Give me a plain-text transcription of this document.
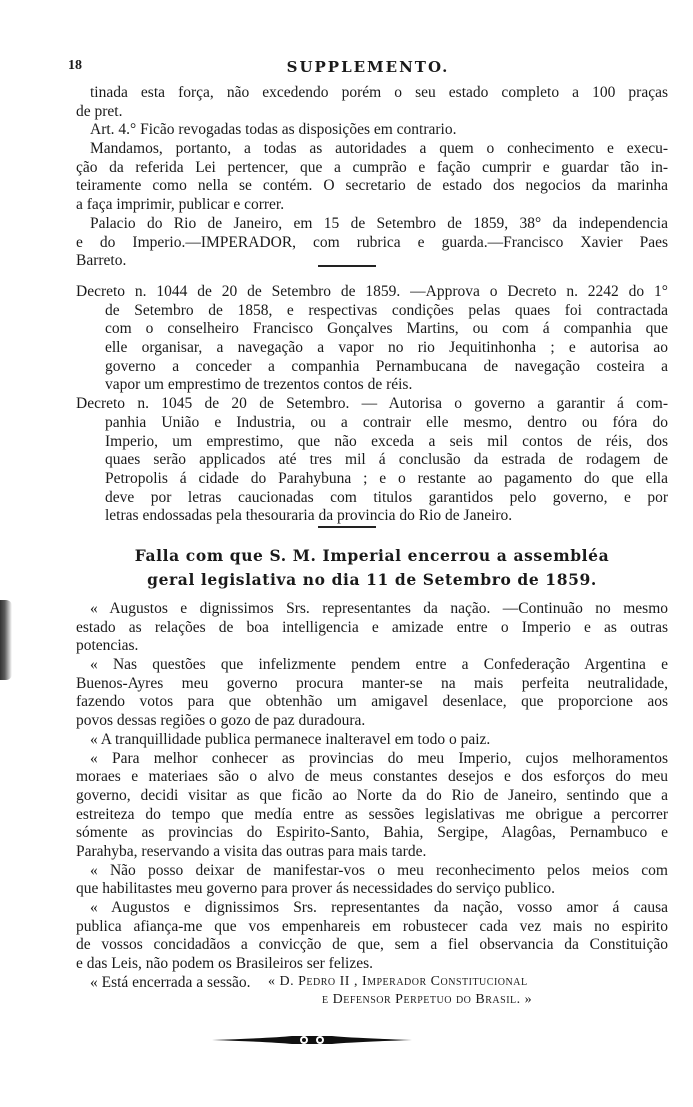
18	SUPPLEMENTO.
tinada esta força, não excedendo porém o seu estado completo a 100 praças
de pret.
Art. 4.° Ficão revogadas todas as disposições em contrario.
Mandamos, portanto, a todas as autoridades a quem o conhecimento e execu-
ção da referida Lei pertencer, que a cumprão e fação cumprir e guardar tão in-
teiramente como nella se contém. O secretario de estado dos negocios da marinha
a faça imprimir, publicar e correr.
Palacio do Rio de Janeiro, em 15 de Setembro de 1859, 38° da independencia
e do Imperio.—IMPERADOR, com rubrica e guarda.—Francisco Xavier Paes
Barreto.
Decreto n. 1044 de 20 de Setembro de 1859. —Approva o Decreto n. 2242 do 1°
de Setembro de 1858, e respectivas condições pelas quaes foi contractada
com o conselheiro Francisco Gonçalves Martins, ou com á companhia que
elle organisar, a navegação a vapor no rio Jequitinhonha ; e autorisa ao
governo a conceder a companhia Pernambucana de navegação costeira a
vapor um emprestimo de trezentos contos de réis.
Decreto n. 1045 de 20 de Setembro. — Autorisa o governo a garantir á com-
panhia União e Industria, ou a contrair elle mesmo, dentro ou fóra do
Imperio, um emprestimo, que não exceda a seis mil contos de réis, dos
quaes serão applicados até tres mil á conclusão da estrada de rodagem de
Petropolis á cidade do Parahybuna ; e o restante ao pagamento do que ella
deve por letras caucionadas com titulos garantidos pelo governo, e por
letras endossadas pela thesouraria da provincia do Rio de Janeiro.
Falla com que S. M. Imperial encerrou a assembléa
geral legislativa no dia 11 de Setembro de 1859.
« Augustos e dignissimos Srs. representantes da nação. —Continuão no mesmo
estado as relações de boa intelligencia e amizade entre o Imperio e as outras
potencias.
« Nas questões que infelizmente pendem entre a Confederação Argentina e
Buenos-Ayres meu governo procura manter-se na mais perfeita neutralidade,
fazendo votos para que obtenhão um amigavel desenlace, que proporcione aos
povos dessas regiões o gozo de paz duradoura.
« A tranquillidade publica permanece inalteravel em todo o paiz.
« Para melhor conhecer as provincias do meu Imperio, cujos melhoramentos
moraes e materiaes são o alvo de meus constantes desejos e dos esforços do meu
governo, decidi visitar as que ficão ao Norte da do Rio de Janeiro, sentindo que a
estreiteza do tempo que medía entre as sessões legislativas me obrigue a percorrer
sómente as provincias do Espirito-Santo, Bahia, Sergipe, Alagôas, Pernambuco e
Parahyba, reservando a visita das outras para mais tarde.
« Não posso deixar de manifestar-vos o meu reconhecimento pelos meios com
que habilitastes meu governo para prover ás necessidades do serviço publico.
« Augustos e dignissimos Srs. representantes da nação, vosso amor á causa
publica afiança-me que vos empenhareis em robustecer cada vez mais no espirito
de vossos concidadãos a convicção de que, sem a fiel observancia da Constituição
e das Leis, não podem os Brasileiros ser felizes.
« Está encerrada a sessão.	« D. Pedro II , Imperador Constitucional
e Defensor Perpetuo do Brasil. »
